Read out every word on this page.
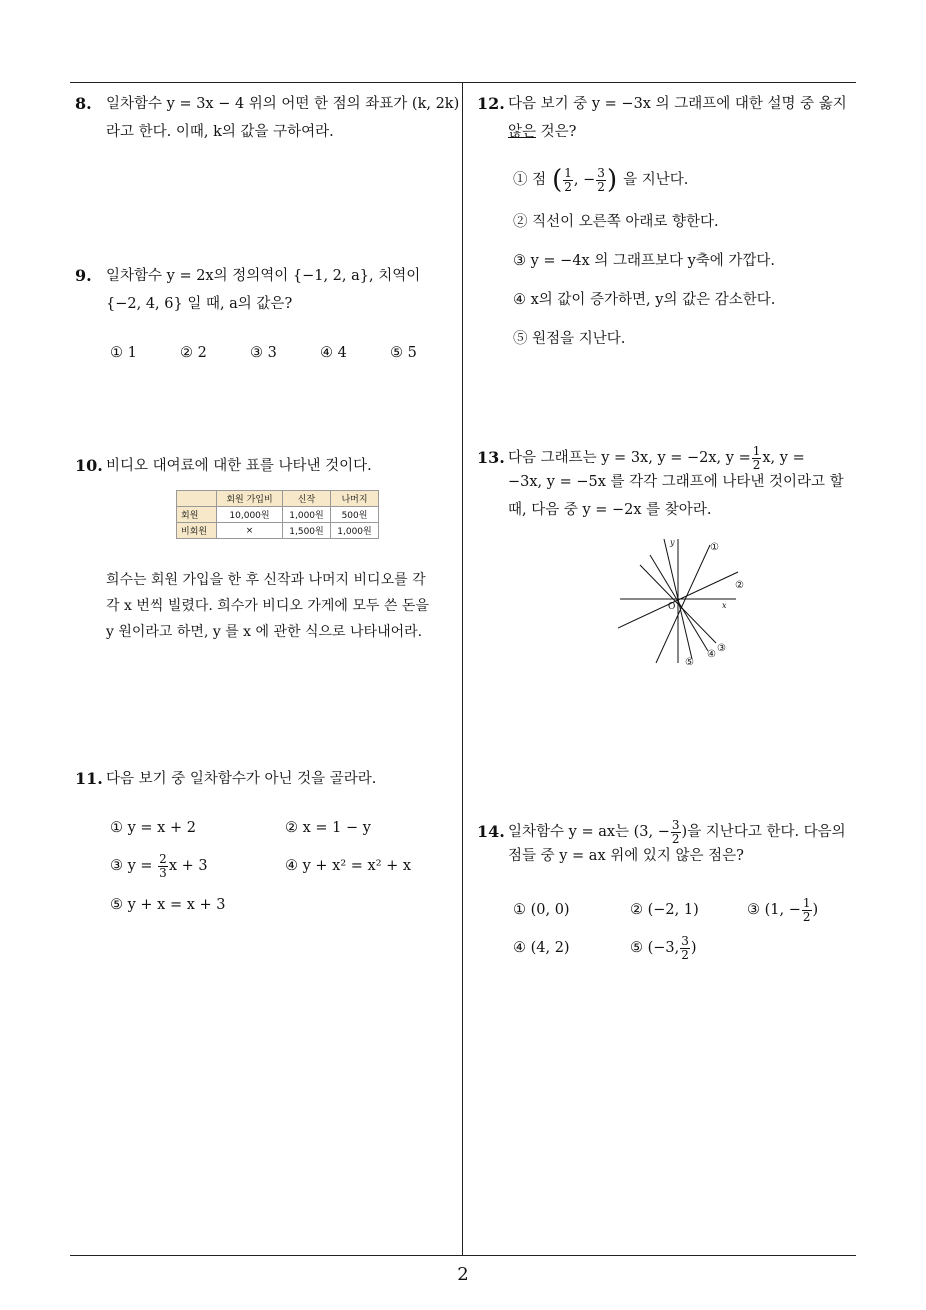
8. 일차함수 y = 3x − 4 위의 어떤 한 점의 좌표가 (k, 2k)
라고 한다. 이때, k의 값을 구하여라.
9. 일차함수 y = 2x의 정의역이 {−1, 2, a}, 치역이
{−2, 4, 6} 일 때, a의 값은?
① 1	② 2	③ 3	④ 4	⑤ 5
10. 비디오 대여료에 대한 표를 나타낸 것이다.
	회원 가입비	신작	나머지
회원	10,000원	1,000원	500원
비회원	×	1,500원	1,000원
희수는 회원 가입을 한 후 신작과 나머지 비디오를 각
각 x 번씩 빌렸다. 희수가 비디오 가게에 모두 쓴 돈을
y 원이라고 하면, y 를 x 에 관한 식으로 나타내어라.
11. 다음 보기 중 일차함수가 아닌 것을 골라라.
① y = x + 2	② x = 1 − y
③ $y = \frac{2}{3}$ x + 3	④ y + x² = x² + x
⑤ y + x = x + 3
12. 다음 보기 중 y = −3x 의 그래프에 대한 설명 중 옳지
않은 것은?
① 점 ( $\frac{1}{2}$ , − $\frac{3}{2}$ ) 을 지난다.
② 직선이 오른쪽 아래로 향한다.
③ y = −4x 의 그래프보다 y축에 가깝다.
④ x의 값이 증가하면, y의 값은 감소한다.
⑤ 원점을 지난다.
13. 다음 그래프는 y = 3x, y = −2x, $y = \frac{1}{2} x$, y =
−3x, y = −5x 를 각각 그래프에 나타낸 것이라고 할
때, 다음 중 y = −2x 를 찾아라.
①
②
③
④
⑤
x
y
O
14. 일차함수 y = ax는 (3, − $\frac{3}{2}$ )을 지난다고 한다. 다음의
점들 중 y = ax 위에 있지 않은 점은?
① (0, 0)	② (−2, 1)	③ (1, − $\frac{1}{2}$ )
④ (4, 2)	⑤ (−3, $\frac{3}{2}$ )
2
